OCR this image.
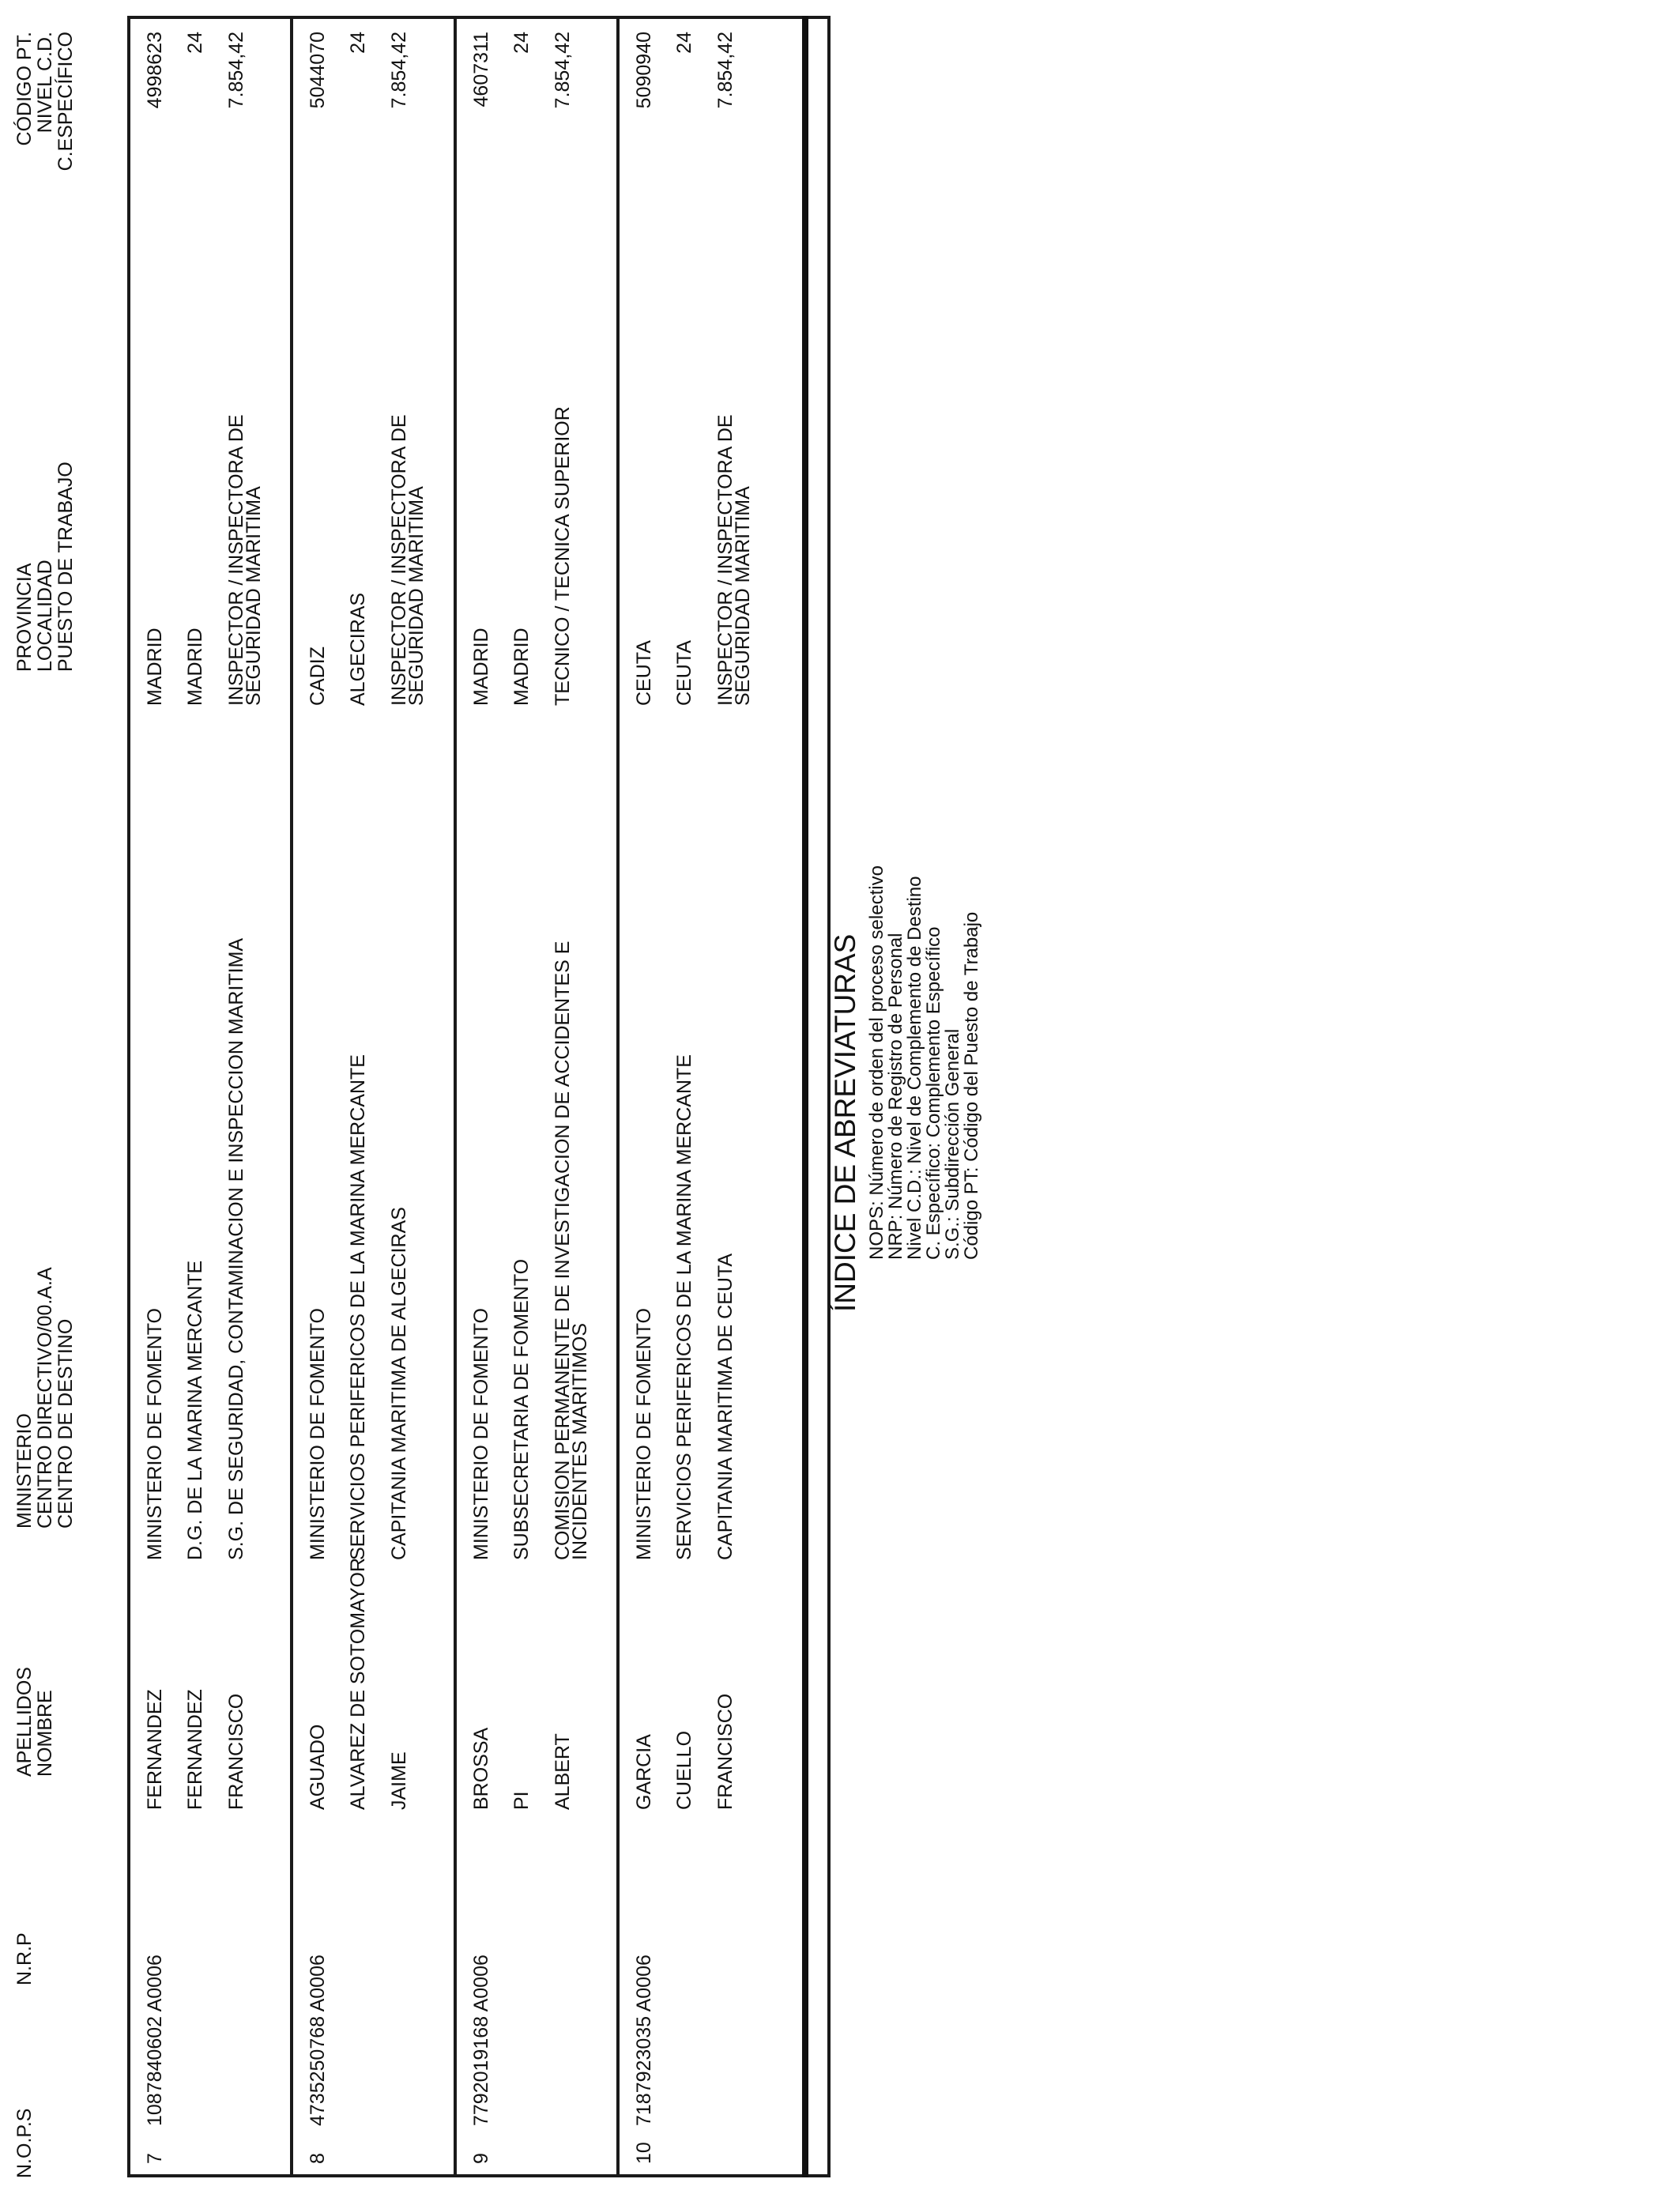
N.O.P.S
N.R.P
APELLIDOS
NOMBRE
MINISTERIO
CENTRO DIRECTIVO/00.A.A
CENTRO DE DESTINO
PROVINCIA
LOCALIDAD
PUESTO DE TRABAJO
CÓDIGO PT.
NIVEL C.D.
C.ESPECÍFICO
7
1087840602 A0006
FERNANDEZ FERNANDEZ FRANCISCO
MINISTERIO DE FOMENTO D.G. DE LA MARINA MERCANTE S.G. DE SEGURIDAD, CONTAMINACION E INSPECCION MARITIMA
MADRID MADRID INSPECTOR / INSPECTORA DE
SEGURIDAD MARITIMA
4998623 24 7.854,42
8
4735250768 A0006
AGUADO ALVAREZ DE SOTOMAYOR JAIME
MINISTERIO DE FOMENTO SERVICIOS PERIFERICOS DE LA MARINA MERCANTE CAPITANIA MARITIMA DE ALGECIRAS
CADIZ ALGECIRAS INSPECTOR / INSPECTORA DE
SEGURIDAD MARITIMA
5044070 24 7.854,42
9
7792019168 A0006
BROSSA PI ALBERT
MINISTERIO DE FOMENTO SUBSECRETARIA DE FOMENTO COMISION PERMANENTE DE INVESTIGACION DE ACCIDENTES E
INCIDENTES MARITIMOS
MADRID MADRID TECNICO / TECNICA SUPERIOR
4607311 24 7.854,42
10
7187923035 A0006
GARCIA CUELLO FRANCISCO
MINISTERIO DE FOMENTO SERVICIOS PERIFERICOS DE LA MARINA MERCANTE CAPITANIA MARITIMA DE CEUTA
CEUTA CEUTA INSPECTOR / INSPECTORA DE
SEGURIDAD MARITIMA
5090940 24 7.854,42
ÍNDICE DE ABREVIATURAS NOPS: Número de orden del proceso selectivo
NRP: Número de Registro de Personal
Nivel C.D.: Nivel de Complemento de Destino
C. Específico: Complemento Específico
S.G.: Subdirección General
Código PT: Código del Puesto de Trabajo
